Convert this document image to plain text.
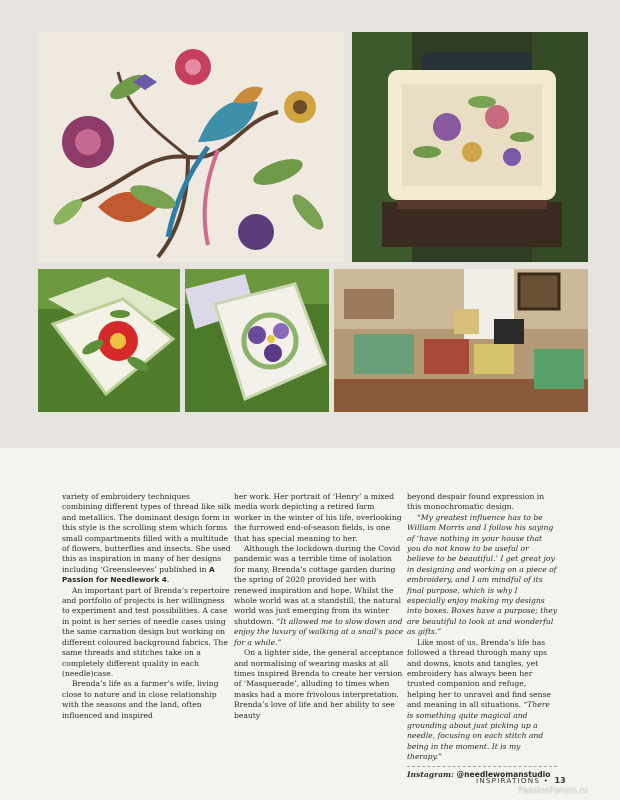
variety of embroidery techniques combining different types of thread like silk and metallics. The dominant design form in this style is the scrolling stem which forms small compartments filled with a multitude of flowers, butterflies and insects. She used this as inspiration in many of her designs including ‘Greensleeves’ published in A Passion for Needlework 4.

An important part of Brenda’s repertoire and portfolio of projects is her willingness to experiment and test possibilities. A case in point is her series of needle cases using the same carnation design but working on different coloured background fabrics. The same threads and stitches take on a completely different quality in each (needle)case.

Brenda’s life as a farmer’s wife, living close to nature and in close relationship with the seasons and the land, often influenced and inspired

her work. Her portrait of ‘Henry’ a mixed media work depicting a retired farm worker in the winter of his life, overlooking the furrowed end-of-season fields, is one that has special meaning to her.

Although the lockdown during the Covid pandemic was a terrible time of isolation for many, Brenda’s cottage garden during the spring of 2020 provided her with renewed inspiration and hope. Whilst the whole world was at a standstill, the natural world was just emerging from its winter shutdown. “It allowed me to slow down and enjoy the luxury of walking at a snail’s pace for a while.”

On a lighter side, the general acceptance and normalising of wearing masks at all times inspired Brenda to create her version of ‘Masquerade’, alluding to times when masks had a more frivolous interpretation. Brenda’s love of life and her ability to see beauty

beyond despair found expression in this monochromatic design.

“My greatest influence has to be William Morris and I follow his saying of ‘have nothing in your house that you do not know to be useful or believe to be beautiful.’ I get great joy in designing and working on a piece of embroidery, and I am mindful of its final purpose, which is why I especially enjoy making my designs into boxes. Boxes have a purpose; they are beautiful to look at and wonderful as gifts.”

Like most of us, Brenda’s life has followed a thread through many ups and downs, knots and tangles, yet embroidery has always been her trusted companion and refuge, helping her to unravel and find sense and meaning in all situations. “There is something quite magical and grounding about just picking up a needle, focusing on each stitch and being in the moment. It is my therapy.”

Instagram: @needlewomanstudio
INSPIRATIONS • 13
PassionForum.ru
